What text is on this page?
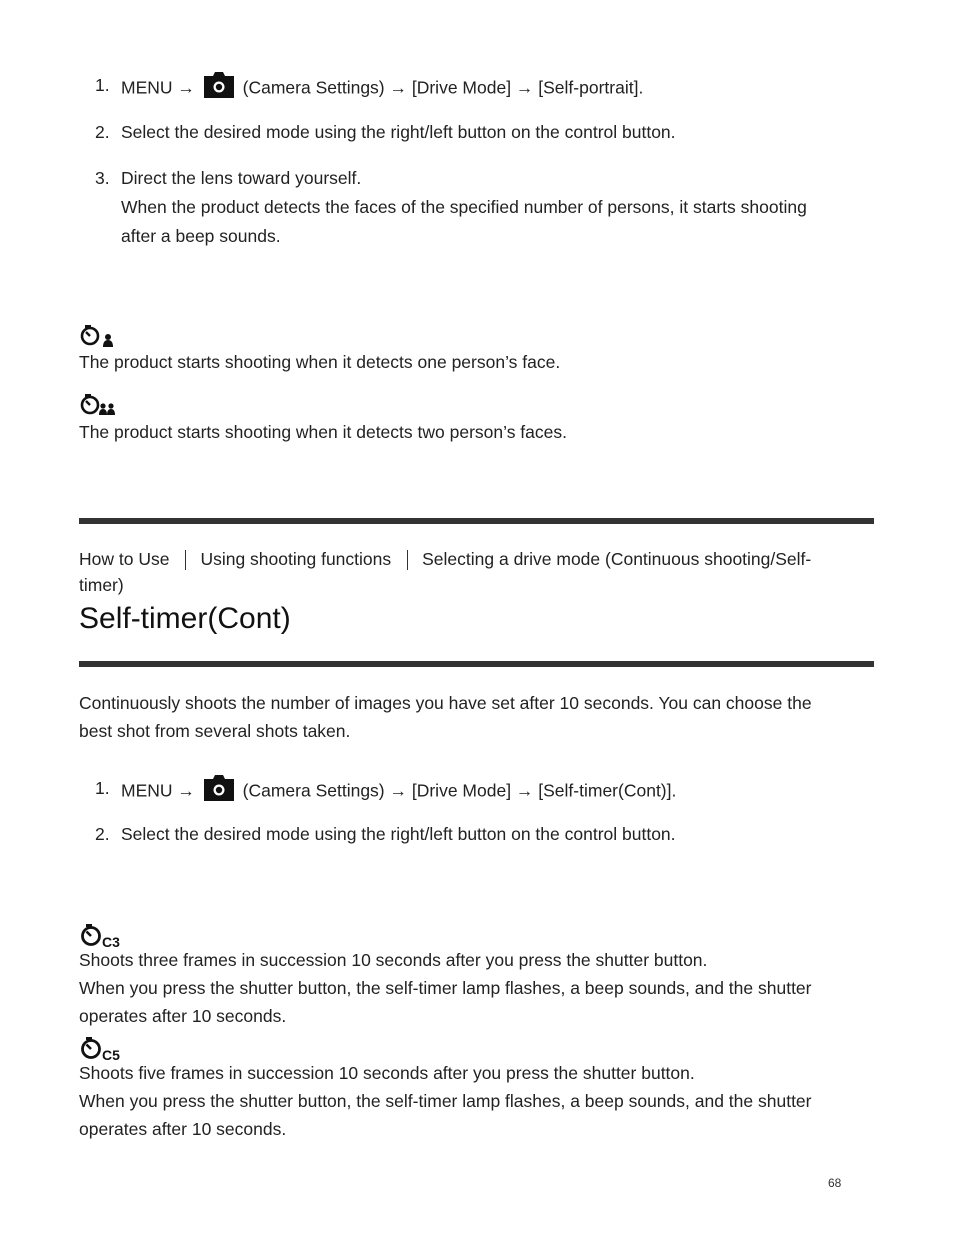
1. MENU →	(Camera Settings) → [Drive Mode] → [Self-portrait].
2. Select the desired mode using the right/left button on the control button.
3. Direct the lens toward yourself.
When the product detects the faces of the specified number of persons, it starts shooting
after a beep sounds.
The product starts shooting when it detects one person’s face.
The product starts shooting when it detects two person’s faces.
How to Use Using shooting functions Selecting a drive mode (Continuous shooting/Self-
timer)
Self-timer(Cont)
Continuously shoots the number of images you have set after 10 seconds. You can choose the
best shot from several shots taken.
1. MENU →	(Camera Settings) → [Drive Mode] → [Self-timer(Cont)].
2. Select the desired mode using the right/left button on the control button.
C3
Shoots three frames in succession 10 seconds after you press the shutter button.
When you press the shutter button, the self-timer lamp flashes, a beep sounds, and the shutter
operates after 10 seconds.
C5
Shoots five frames in succession 10 seconds after you press the shutter button.
When you press the shutter button, the self-timer lamp flashes, a beep sounds, and the shutter
operates after 10 seconds.
68
